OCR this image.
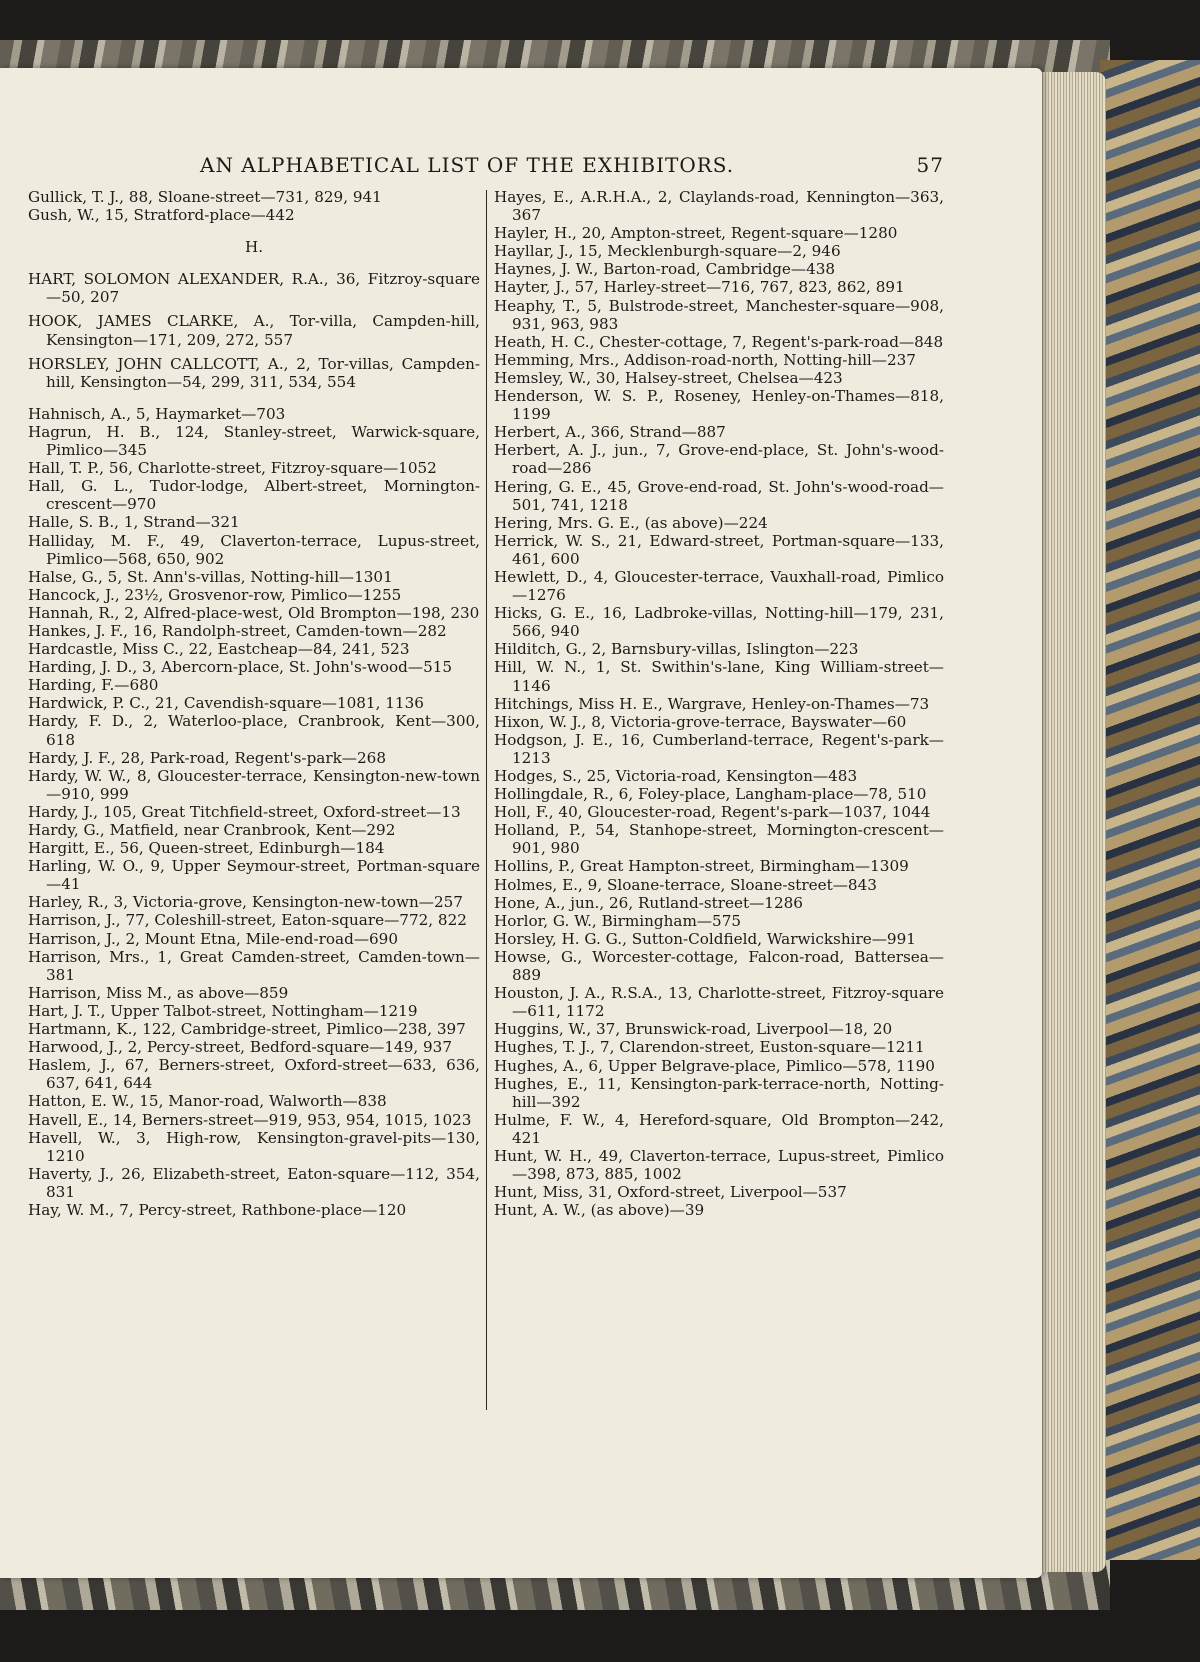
AN ALPHABETICAL LIST OF THE EXHIBITORS.	57

Gullick, T. J., 88, Sloane-street—731, 829, 941

Gush, W., 15, Stratford-place—442

H.

HART, SOLOMON ALEXANDER, R.A., 36, Fitzroy-square—50, 207

HOOK, JAMES CLARKE, A., Tor-villa, Campden-hill, Kensington—171, 209, 272, 557

HORSLEY, JOHN CALLCOTT, A., 2, Tor-villas, Campden-hill, Kensington—54, 299, 311, 534, 554

Hahnisch, A., 5, Haymarket—703

Hagrun, H. B., 124, Stanley-street, Warwick-square, Pimlico—345

Hall, T. P., 56, Charlotte-street, Fitzroy-square—1052

Hall, G. L., Tudor-lodge, Albert-street, Mornington-crescent—970

Halle, S. B., 1, Strand—321

Halliday, M. F., 49, Claverton-terrace, Lupus-street, Pimlico—568, 650, 902

Halse, G., 5, St. Ann's-villas, Notting-hill—1301

Hancock, J., 23½, Grosvenor-row, Pimlico—1255

Hannah, R., 2, Alfred-place-west, Old Brompton—198, 230

Hankes, J. F., 16, Randolph-street, Camden-town—282

Hardcastle, Miss C., 22, Eastcheap—84, 241, 523

Harding, J. D., 3, Abercorn-place, St. John's-wood—515

Harding, F.—680

Hardwick, P. C., 21, Cavendish-square—1081, 1136

Hardy, F. D., 2, Waterloo-place, Cranbrook, Kent—300, 618

Hardy, J. F., 28, Park-road, Regent's-park—268

Hardy, W. W., 8, Gloucester-terrace, Kensington-new-town—910, 999

Hardy, J., 105, Great Titchfield-street, Oxford-street—13

Hardy, G., Matfield, near Cranbrook, Kent—292

Hargitt, E., 56, Queen-street, Edinburgh—184

Harling, W. O., 9, Upper Seymour-street, Portman-square—41

Harley, R., 3, Victoria-grove, Kensington-new-town—257

Harrison, J., 77, Coleshill-street, Eaton-square—772, 822

Harrison, J., 2, Mount Etna, Mile-end-road—690

Harrison, Mrs., 1, Great Camden-street, Camden-town—381

Harrison, Miss M., as above—859

Hart, J. T., Upper Talbot-street, Nottingham—1219

Hartmann, K., 122, Cambridge-street, Pimlico—238, 397

Harwood, J., 2, Percy-street, Bedford-square—149, 937

Haslem, J., 67, Berners-street, Oxford-street—633, 636, 637, 641, 644

Hatton, E. W., 15, Manor-road, Walworth—838

Havell, E., 14, Berners-street—919, 953, 954, 1015, 1023

Havell, W., 3, High-row, Kensington-gravel-pits—130, 1210

Haverty, J., 26, Elizabeth-street, Eaton-square—112, 354, 831

Hay, W. M., 7, Percy-street, Rathbone-place—120

Hayes, E., A.R.H.A., 2, Claylands-road, Kennington—363, 367

Hayler, H., 20, Ampton-street, Regent-square—1280

Hayllar, J., 15, Mecklenburgh-square—2, 946

Haynes, J. W., Barton-road, Cambridge—438

Hayter, J., 57, Harley-street—716, 767, 823, 862, 891

Heaphy, T., 5, Bulstrode-street, Manchester-square—908, 931, 963, 983

Heath, H. C., Chester-cottage, 7, Regent's-park-road—848

Hemming, Mrs., Addison-road-north, Notting-hill—237

Hemsley, W., 30, Halsey-street, Chelsea—423

Henderson, W. S. P., Roseney, Henley-on-Thames—818, 1199

Herbert, A., 366, Strand—887

Herbert, A. J., jun., 7, Grove-end-place, St. John's-wood-road—286

Hering, G. E., 45, Grove-end-road, St. John's-wood-road—501, 741, 1218

Hering, Mrs. G. E., (as above)—224

Herrick, W. S., 21, Edward-street, Portman-square—133, 461, 600

Hewlett, D., 4, Gloucester-terrace, Vauxhall-road, Pimlico—1276

Hicks, G. E., 16, Ladbroke-villas, Notting-hill—179, 231, 566, 940

Hilditch, G., 2, Barnsbury-villas, Islington—223

Hill, W. N., 1, St. Swithin's-lane, King William-street—1146

Hitchings, Miss H. E., Wargrave, Henley-on-Thames—73

Hixon, W. J., 8, Victoria-grove-terrace, Bayswater—60

Hodgson, J. E., 16, Cumberland-terrace, Regent's-park—1213

Hodges, S., 25, Victoria-road, Kensington—483

Hollingdale, R., 6, Foley-place, Langham-place—78, 510

Holl, F., 40, Gloucester-road, Regent's-park—1037, 1044

Holland, P., 54, Stanhope-street, Mornington-crescent—901, 980

Hollins, P., Great Hampton-street, Birmingham—1309

Holmes, E., 9, Sloane-terrace, Sloane-street—843

Hone, A., jun., 26, Rutland-street—1286

Horlor, G. W., Birmingham—575

Horsley, H. G. G., Sutton-Coldfield, Warwickshire—991

Howse, G., Worcester-cottage, Falcon-road, Battersea—889

Houston, J. A., R.S.A., 13, Charlotte-street, Fitzroy-square—611, 1172

Huggins, W., 37, Brunswick-road, Liverpool—18, 20

Hughes, T. J., 7, Clarendon-street, Euston-square—1211

Hughes, A., 6, Upper Belgrave-place, Pimlico—578, 1190

Hughes, E., 11, Kensington-park-terrace-north, Notting-hill—392

Hulme, F. W., 4, Hereford-square, Old Brompton—242, 421

Hunt, W. H., 49, Claverton-terrace, Lupus-street, Pimlico—398, 873, 885, 1002

Hunt, Miss, 31, Oxford-street, Liverpool—537

Hunt, A. W., (as above)—39
